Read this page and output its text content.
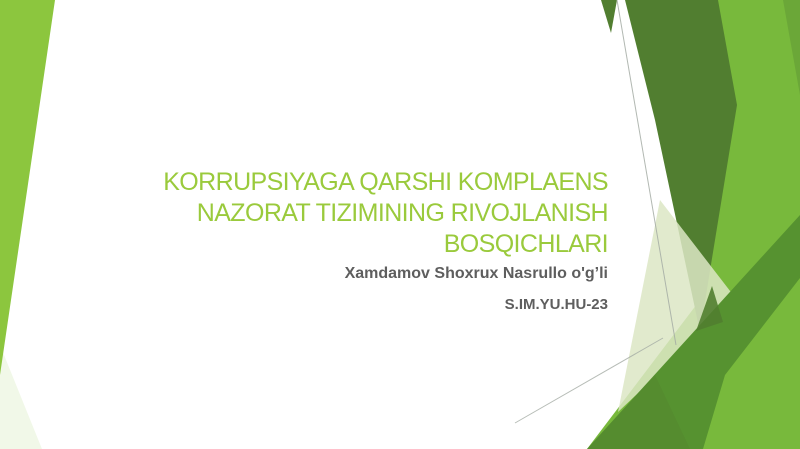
KORRUPSIYAGA QARSHI KOMPLAENS
NAZORAT TIZIMINING RIVOJLANISH
BOSQICHLARI
Xamdamov Shoxrux Nasrullo o'g’li
S.IM.YU.HU-23
